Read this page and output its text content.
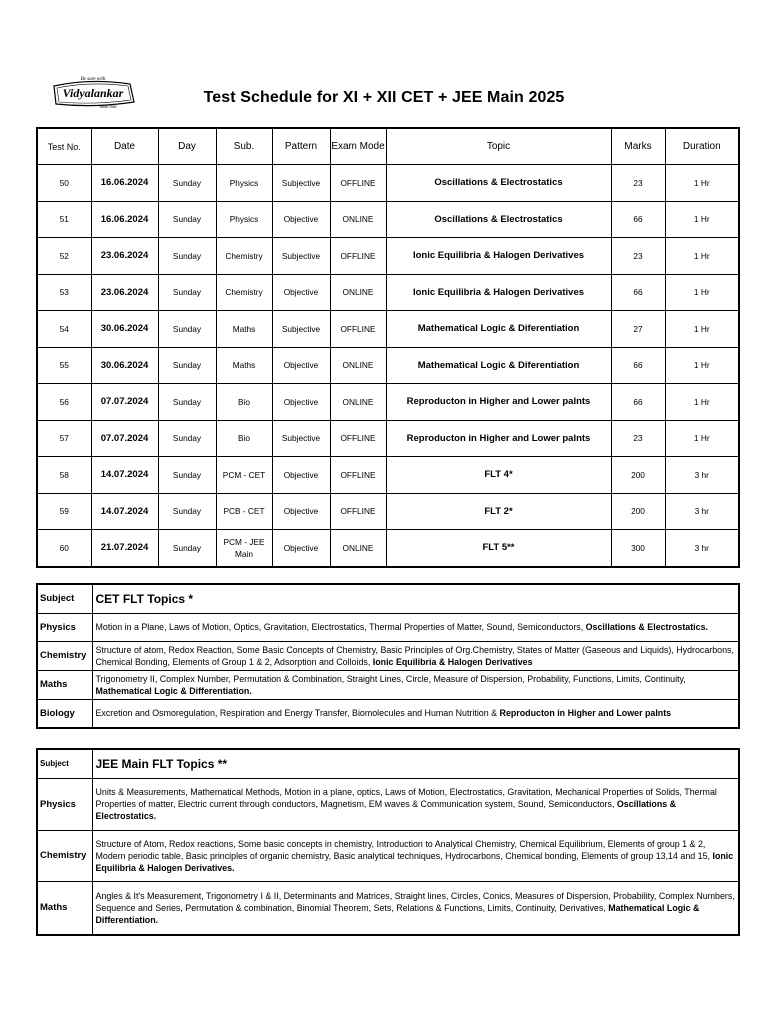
Be sure with
Vidyalankar
Since 1980
Test Schedule for XI + XII CET + JEE Main 2025
Test No.	Date	Day	Sub.	Pattern	Exam Mode	Topic	Marks	Duration
50	16.06.2024	Sunday	Physics	Subjective	OFFLINE	Oscillations & Electrostatics	23	1 Hr
51	16.06.2024	Sunday	Physics	Objective	ONLINE	Oscillations & Electrostatics	66	1 Hr
52	23.06.2024	Sunday	Chemistry	Subjective	OFFLINE	Ionic Equilibria & Halogen Derivatives	23	1 Hr
53	23.06.2024	Sunday	Chemistry	Objective	ONLINE	Ionic Equilibria & Halogen Derivatives	66	1 Hr
54	30.06.2024	Sunday	Maths	Subjective	OFFLINE	Mathematical Logic & Diferentiation	27	1 Hr
55	30.06.2024	Sunday	Maths	Objective	ONLINE	Mathematical Logic & Diferentiation	66	1 Hr
56	07.07.2024	Sunday	Bio	Objective	ONLINE	Reproducton in Higher and Lower palnts	66	1 Hr
57	07.07.2024	Sunday	Bio	Subjective	OFFLINE	Reproducton in Higher and Lower palnts	23	1 Hr
58	14.07.2024	Sunday	PCM - CET	Objective	OFFLINE	FLT 4*	200	3 hr
59	14.07.2024	Sunday	PCB - CET	Objective	OFFLINE	FLT 2*	200	3 hr
60	21.07.2024	Sunday	PCM - JEE Main	Objective	ONLINE	FLT 5**	300	3 hr
Subject	CET FLT Topics *
Physics	Motion in a Plane, Laws of Motion, Optics, Gravitation, Electrostatics, Thermal Properties of Matter, Sound, Semiconductors, Oscillations & Electrostatics.
Chemistry	Structure of atom, Redox Reaction, Some Basic Concepts of Chemistry, Basic Principles of Org.Chemistry, States of Matter (Gaseous and Liquids), Hydrocarbons, Chemical Bonding, Elements of Group 1 & 2, Adsorption and Colloids, Ionic Equilibria & Halogen Derivatives
Maths	Trigonometry II, Complex Number, Permutation & Combination, Straight Lines, Circle, Measure of Dispersion, Probability, Functions, Limits, Continuity, Mathematical Logic & Differentiation.
Biology	Excretion and Osmoregulation, Respiration and Energy Transfer, Biomolecules and Human Nutrition & Reproducton in Higher and Lower palnts
Subject	JEE Main FLT Topics **
Physics	Units & Measurements, Mathematical Methods, Motion in a plane, optics, Laws of Motion, Electrostatics, Gravitation, Mechanical Properties of Solids, Thermal Properties of matter, Electric current through conductors, Magnetism, EM waves & Communication system, Sound, Semiconductors, Oscillations & Electrostatics.
Chemistry	Structure of Atom, Redox reactions, Some basic concepts in chemistry, Introduction to Analytical Chemistry, Chemical Equilibrium, Elements of group 1 & 2, Modern periodic table, Basic principles of organic chemistry, Basic analytical techniques, Hydrocarbons, Chemical bonding, Elements of group 13,14 and 15, Ionic Equilibria & Halogen Derivatives.
Maths	Angles & It's Measurement, Trigonometry I & II, Determinants and Matrices, Straight lines, Circles, Conics, Measures of Dispersion, Probability, Complex Numbers, Sequence and Series, Permutation & combination, Binomial Theorem, Sets, Relations & Functions, Limits, Continuity, Derivatives, Mathematical Logic & Differentiation.
